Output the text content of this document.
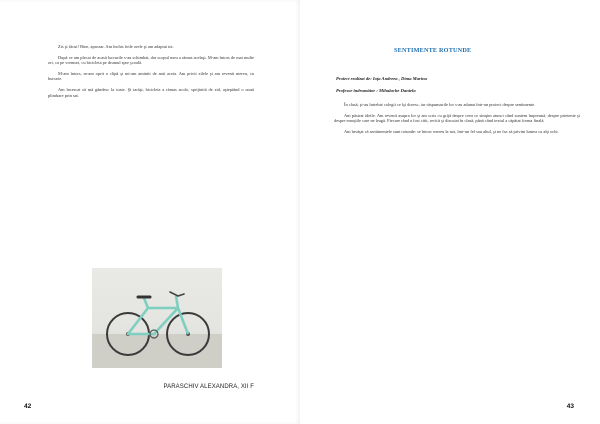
Zis şi făcut! Bine, aprozar. Am închis foile orele şi am adaptat tot.

După ce am plecat de acasă lucrurile s-au schimbat, dar scopul meu a rămas acelaşi. M-am întors de mai multe ori, ca pe vremuri, cu bicicleta pe drumul spre şcoală.

M-am întors, m-am oprit o clipă şi mi-am amintit de anii aceia. Am privit zilele şi am revenit mereu, cu bucurie.

Am încercat să mă gândesc la toate. Şi iarăşi, bicicleta a rămas acolo, sprijinită de zid, aşteptând o nouă plimbare prin sat.

PARASCHIV ALEXANDRA, XII F
42
SENTIMENTE ROTUNDE
Proiect realizat de: Ioţa Andreea , Dima Marina
Profesor îndrumător : Mihalache Daniela

În clasă, şi-au întrebat colegii ce îşi doresc, iar răspunsurile lor s-au adunat într-un proiect despre sentimente.

Am păstrat ideile. Am revenit asupra lor şi am scris cu grijă despre ceea ce simţim atunci când suntem împreună, despre prietenie şi despre emoţiile care ne leagă. Fiecare rând a fost citit, recitit şi discutat în clasă, până când textul a căpătat forma finală.

Am învăţat că sentimentele sunt rotunde: se întorc mereu la noi, într-un fel sau altul, şi ne fac să privim lumea cu alţi ochi.

43
